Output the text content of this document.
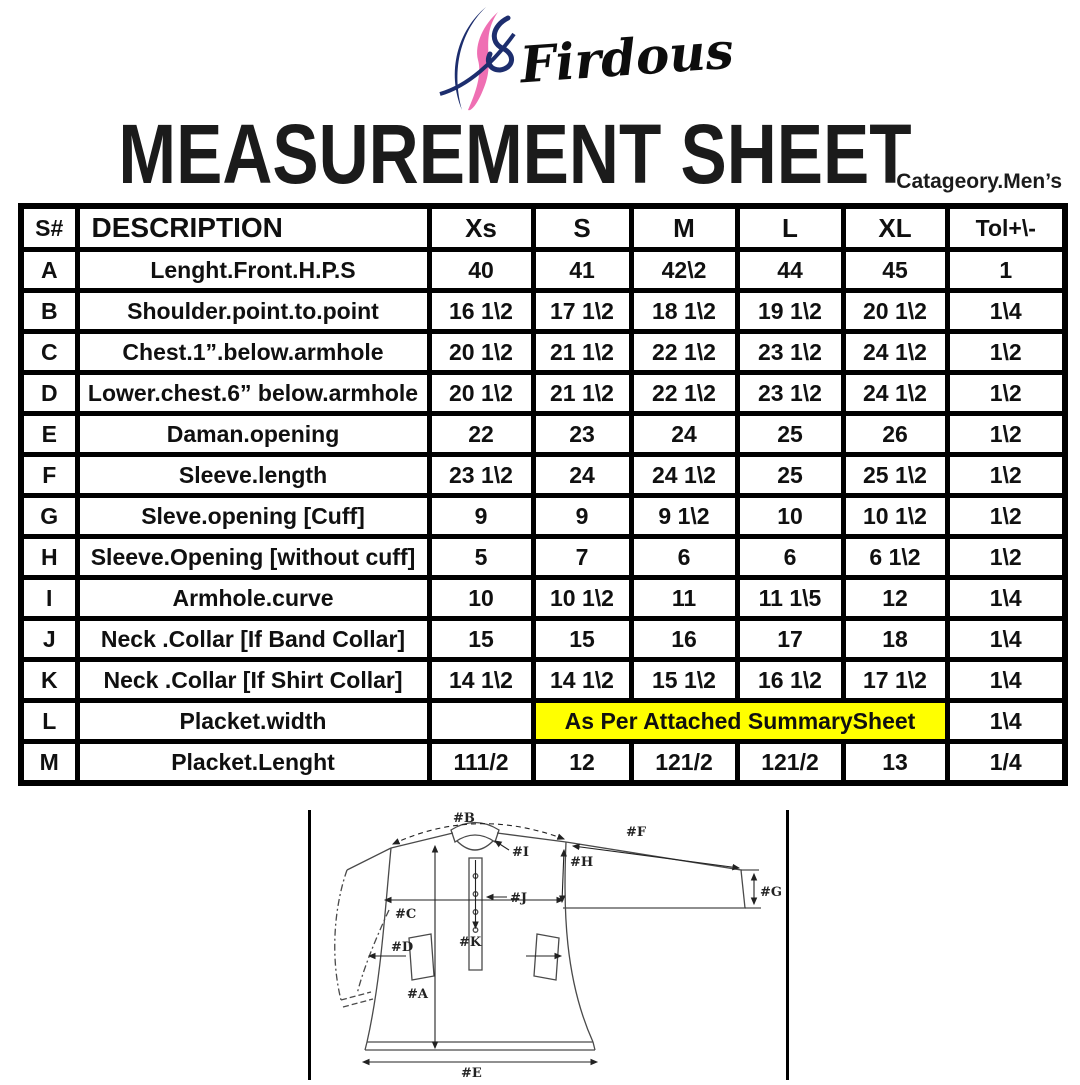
Firdous
MEASUREMENT SHEET
Catageory.Men’s
S#	DESCRIPTION	Xs	S	M	L	XL	Tol+\-
A	Lenght.Front.H.P.S	40	41	42\2	44	45	1
B	Shoulder.point.to.point	16 1\2	17 1\2	18 1\2	19 1\2	20 1\2	1\4
C	Chest.1”.below.armhole	20 1\2	21 1\2	22 1\2	23 1\2	24 1\2	1\2
D	Lower.chest.6” below.armhole	20 1\2	21 1\2	22 1\2	23 1\2	24 1\2	1\2
E	Daman.opening	22	23	24	25	26	1\2
F	Sleeve.length	23 1\2	24	24 1\2	25	25 1\2	1\2
G	Sleve.opening [Cuff]	9	9	9 1\2	10	10 1\2	1\2
H	Sleeve.Opening [without cuff]	5	7	6	6	6 1\2	1\2
I	Armhole.curve	10	10 1\2	11	11 1\5	12	1\4
J	Neck .Collar [If Band Collar]	15	15	16	17	18	1\4
K	Neck .Collar [If Shirt Collar]	14 1\2	14 1\2	15 1\2	16 1\2	17 1\2	1\4
L	Placket.width		As Per Attached SummarySheet				1\4
M	Placket.Lenght	111/2	12	121/2	121/2	13	1/4
#B
#F
#H
#G
#I
#J
#C
#K
#D
#A
#E
